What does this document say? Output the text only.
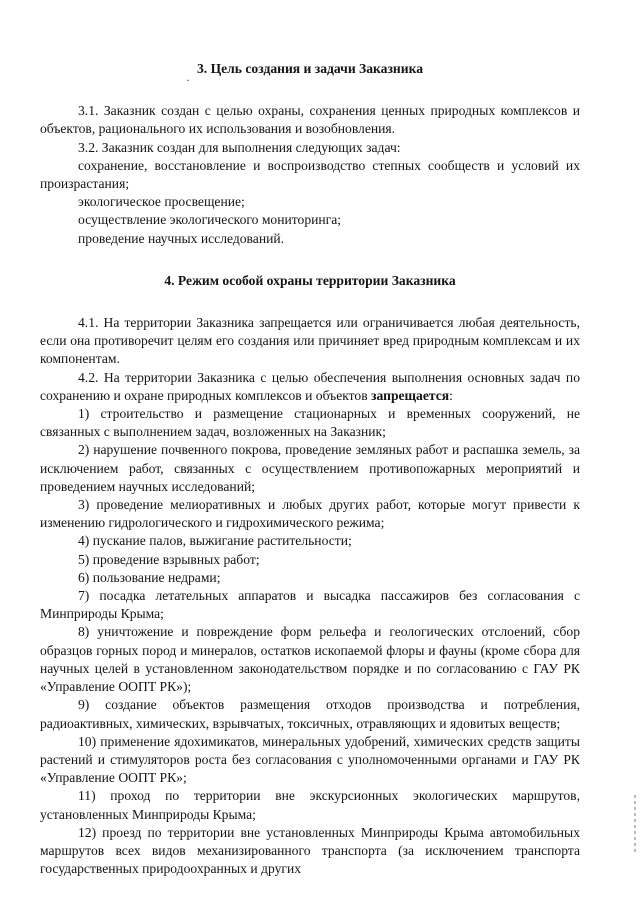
·
3. Цель создания и задачи Заказника

3.1. Заказник создан с целью охраны, сохранения ценных природных комплексов и объектов, рационального их использования и возобновления.

3.2. Заказник создан для выполнения следующих задач:

сохранение, восстановление и воспроизводство степных сообществ и условий их произрастания;

экологическое просвещение;

осуществление экологического мониторинга;

проведение научных исследований.

4. Режим особой охраны территории Заказника

4.1. На территории Заказника запрещается или ограничивается любая деятельность, если она противоречит целям его создания или причиняет вред природным комплексам и их компонентам.

4.2. На территории Заказника с целью обеспечения выполнения основных задач по сохранению и охране природных комплексов и объектов запрещается:

1) строительство и размещение стационарных и временных сооружений, не связанных с выполнением задач, возложенных на Заказник;

2) нарушение почвенного покрова, проведение земляных работ и распашка земель, за исключением работ, связанных с осуществлением противопожарных мероприятий и проведением научных исследований;

3) проведение мелиоративных и любых других работ, которые могут привести к изменению гидрологического и гидрохимического режима;

4) пускание палов, выжигание растительности;

5) проведение взрывных работ;

6) пользование недрами;

7) посадка летательных аппаратов и высадка пассажиров без согласования с Минприроды Крыма;

8) уничтожение и повреждение форм рельефа и геологических отслоений, сбор образцов горных пород и минералов, остатков ископаемой флоры и фауны (кроме сбора для научных целей в установленном законодательством порядке и по согласованию с ГАУ РК «Управление ООПТ РК»);

9) создание объектов размещения отходов производства и потребления, радиоактивных, химических, взрывчатых, токсичных, отравляющих и ядовитых веществ;

10) применение ядохимикатов, минеральных удобрений, химических средств защиты растений и стимуляторов роста без согласования с уполномоченными органами и ГАУ РК «Управление ООПТ РК»;

11) проход по территории вне экскурсионных экологических маршрутов, установленных Минприроды Крыма;

12) проезд по территории вне установленных Минприроды Крыма автомобильных маршрутов всех видов механизированного транспорта (за исключением транспорта государственных природоохранных и других
